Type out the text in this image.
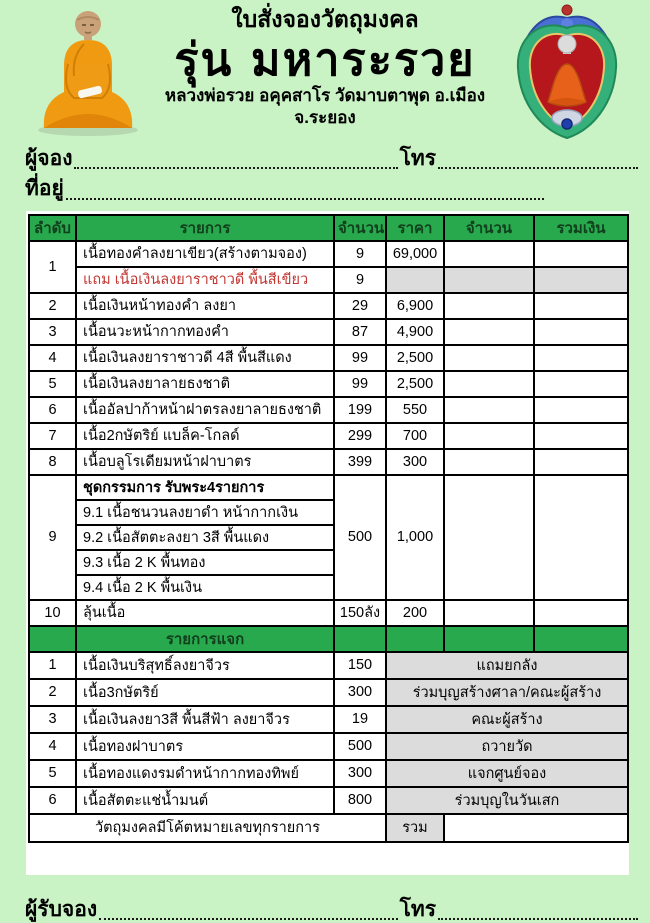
ใบสั่งจองวัตถุมงคล
รุ่น มหาระรวย
หลวงพ่อรวย อคุคสาโร วัดมาบตาพุด อ.เมือง จ.ระยอง
ผู้จอง	โทร
ที่อยู่
ลำดับ	รายการ	จำนวน	ราคา	จำนวน	รวมเงิน
1	เนื้อทองคำลงยาเขียว(สร้างตามจอง)	9	69,000		
	แถม เนื้อเงินลงยาราชาวดี พื้นสีเขียว	9			
2	เนื้อเงินหน้าทองคำ ลงยา	29	6,900		
3	เนื้อนวะหน้ากากทองคำ	87	4,900		
4	เนื้อเงินลงยาราชาวดี 4สี พื้นสีแดง	99	2,500		
5	เนื้อเงินลงยาลายธงชาติ	99	2,500		
6	เนื้ออัลปาก้าหน้าฝาตรลงยาลายธงชาติ	199	550		
7	เนื้อ2กษัตริย์ แบล็ค-โกลด์	299	700		
8	เนื้อบลูโรเดียมหน้าฝาบาตร	399	300		
9	ชุดกรรมการ รับพระ4รายการ	500	1,000		
	9.1 เนื้อชนวนลงยาดำ หน้ากากเงิน				
	9.2 เนื้อสัตตะลงยา 3สี พื้นแดง				
	9.3 เนื้อ 2 K พื้นทอง				
	9.4 เนื้อ 2 K พื้นเงิน				
10	ลุ้นเนื้อ	150ลัง	200		
	รายการแจก				
1	เนื้อเงินบริสุทธิ์ลงยาจีวร	150	แถมยกลัง		
2	เนื้อ3กษัตริย์	300	ร่วมบุญสร้างศาลา/คณะผู้สร้าง		
3	เนื้อเงินลงยา3สี พื้นสีฟ้า ลงยาจีวร	19	คณะผู้สร้าง		
4	เนื้อทองฝาบาตร	500	ถวายวัด		
5	เนื้อทองแดงรมดำหน้ากากทองทิพย์	300	แจกศูนย์จอง		
6	เนื้อสัตตะแช่น้ำมนต์	800	ร่วมบุญในวันเสก		
วัตถุมงคลมีโค้ตหมายเลขทุกรายการ			รวม		
ผู้รับจอง	โทร
